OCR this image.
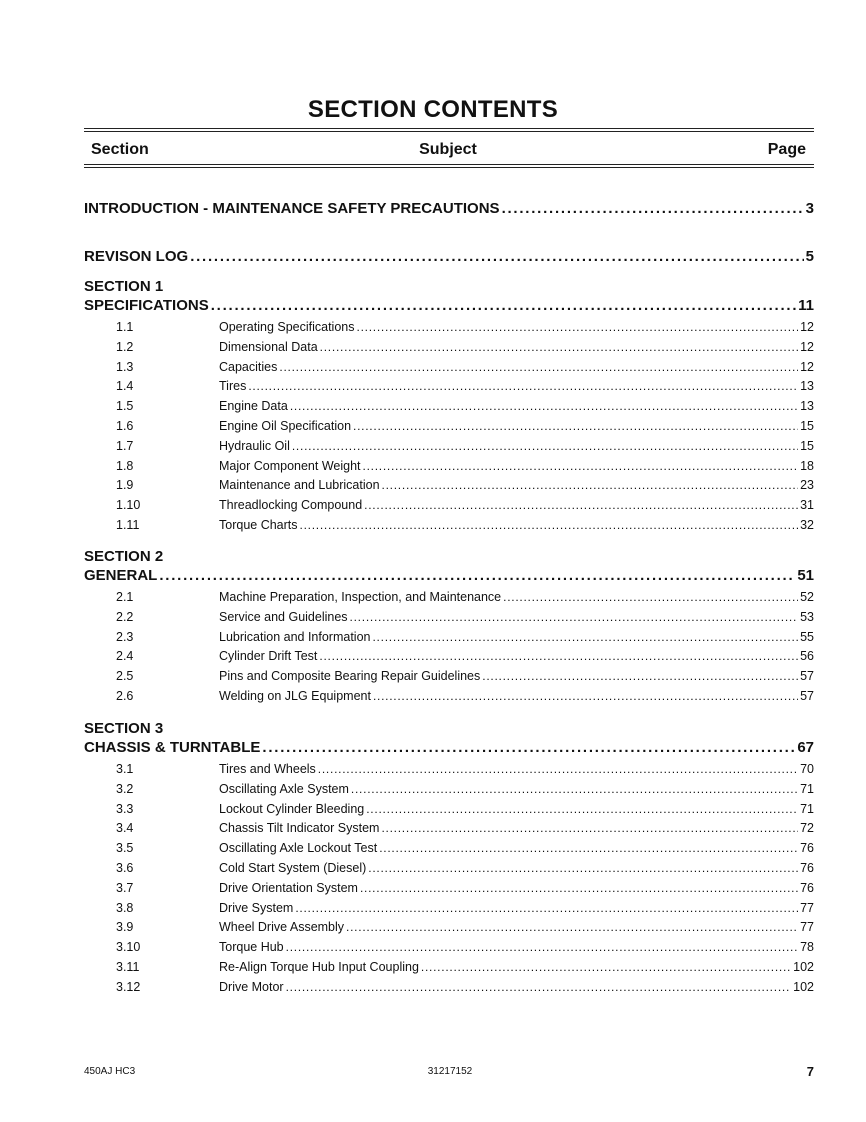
SECTION CONTENTS
Section	Subject	Page
INTRODUCTION - MAINTENANCE SAFETY PRECAUTIONS . . .	3
REVISON LOG . . .	5
SECTION 1
SPECIFICATIONS . . .	11
1.1	Operating Specifications . . .	12
1.2	Dimensional Data . . .	12
1.3	Capacities . . .	12
1.4	Tires . . .	13
1.5	Engine Data . . .	13
1.6	Engine Oil Specification . . .	15
1.7	Hydraulic Oil . . .	15
1.8	Major Component Weight . . .	18
1.9	Maintenance and Lubrication . . .	23
1.10	Threadlocking Compound . . .	31
1.11	Torque Charts . . .	32
SECTION 2
GENERAL . . .	51
2.1	Machine Preparation, Inspection, and Maintenance . . .	52
2.2	Service and Guidelines . . .	53
2.3	Lubrication and Information . . .	55
2.4	Cylinder Drift Test . . .	56
2.5	Pins and Composite Bearing Repair Guidelines . . .	57
2.6	Welding on JLG Equipment . . .	57
SECTION 3
CHASSIS & TURNTABLE . . .	67
3.1	Tires and Wheels . . .	70
3.2	Oscillating Axle System . . .	71
3.3	Lockout Cylinder Bleeding . . .	71
3.4	Chassis Tilt Indicator System . . .	72
3.5	Oscillating Axle Lockout Test . . .	76
3.6	Cold Start System (Diesel) . . .	76
3.7	Drive Orientation System . . .	76
3.8	Drive System . . .	77
3.9	Wheel Drive Assembly . . .	77
3.10	Torque Hub . . .	78
3.11	Re-Align Torque Hub Input Coupling . . .	102
3.12	Drive Motor . . .	102
450AJ HC3	31217152	7
